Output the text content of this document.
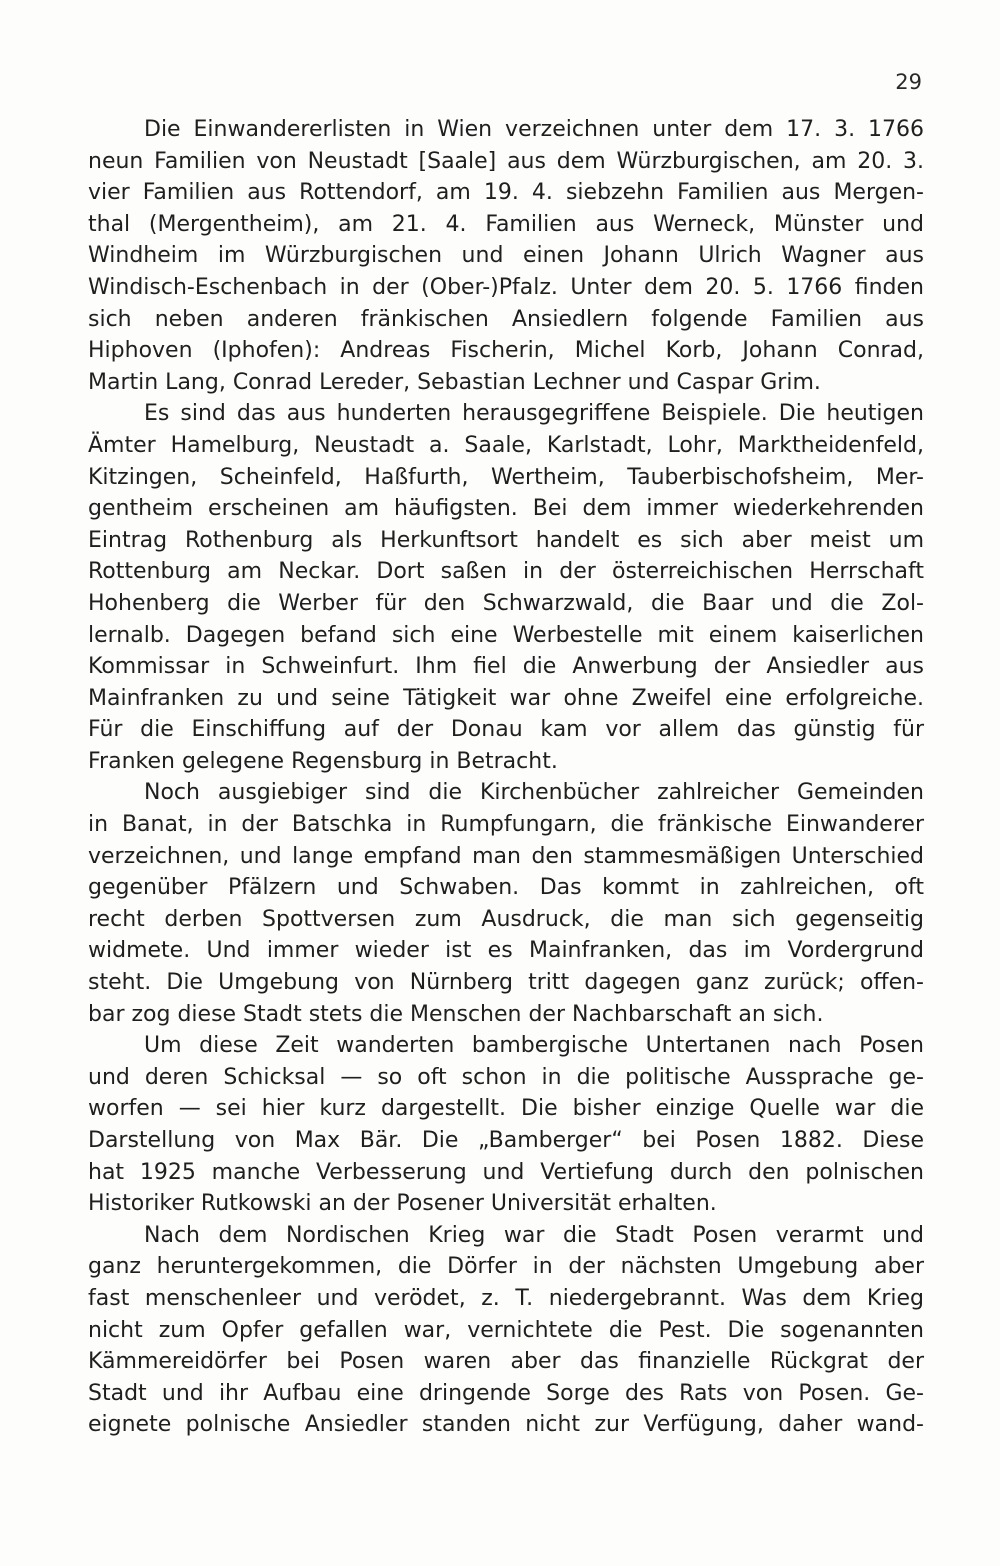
29
Die Einwandererlisten in Wien verzeichnen unter dem 17. 3. 1766
neun Familien von Neustadt [Saale] aus dem Würzburgischen, am 20. 3.
vier Familien aus Rottendorf, am 19. 4. siebzehn Familien aus Mergen-
thal (Mergentheim), am 21. 4. Familien aus Werneck, Münster und
Windheim im Würzburgischen und einen Johann Ulrich Wagner aus
Windisch-Eschenbach in der (Ober-)Pfalz. Unter dem 20. 5. 1766 finden
sich neben anderen fränkischen Ansiedlern folgende Familien aus
Hiphoven (Iphofen): Andreas Fischerin, Michel Korb, Johann Conrad,
Martin Lang, Conrad Lereder, Sebastian Lechner und Caspar Grim.
Es sind das aus hunderten herausgegriffene Beispiele. Die heutigen
Ämter Hamelburg, Neustadt a. Saale, Karlstadt, Lohr, Marktheidenfeld,
Kitzingen, Scheinfeld, Haßfurth, Wertheim, Tauberbischofsheim, Mer-
gentheim erscheinen am häufigsten. Bei dem immer wiederkehrenden
Eintrag Rothenburg als Herkunftsort handelt es sich aber meist um
Rottenburg am Neckar. Dort saßen in der österreichischen Herrschaft
Hohenberg die Werber für den Schwarzwald, die Baar und die Zol-
lernalb. Dagegen befand sich eine Werbestelle mit einem kaiserlichen
Kommissar in Schweinfurt. Ihm fiel die Anwerbung der Ansiedler aus
Mainfranken zu und seine Tätigkeit war ohne Zweifel eine erfolgreiche.
Für die Einschiffung auf der Donau kam vor allem das günstig für
Franken gelegene Regensburg in Betracht.
Noch ausgiebiger sind die Kirchenbücher zahlreicher Gemeinden
in Banat, in der Batschka in Rumpfungarn, die fränkische Einwanderer
verzeichnen, und lange empfand man den stammesmäßigen Unterschied
gegenüber Pfälzern und Schwaben. Das kommt in zahlreichen, oft
recht derben Spottversen zum Ausdruck, die man sich gegenseitig
widmete. Und immer wieder ist es Mainfranken, das im Vordergrund
steht. Die Umgebung von Nürnberg tritt dagegen ganz zurück; offen-
bar zog diese Stadt stets die Menschen der Nachbarschaft an sich.
Um diese Zeit wanderten bambergische Untertanen nach Posen
und deren Schicksal — so oft schon in die politische Aussprache ge-
worfen — sei hier kurz dargestellt. Die bisher einzige Quelle war die
Darstellung von Max Bär. Die „Bamberger“ bei Posen 1882. Diese
hat 1925 manche Verbesserung und Vertiefung durch den polnischen
Historiker Rutkowski an der Posener Universität erhalten.
Nach dem Nordischen Krieg war die Stadt Posen verarmt und
ganz heruntergekommen, die Dörfer in der nächsten Umgebung aber
fast menschenleer und verödet, z. T. niedergebrannt. Was dem Krieg
nicht zum Opfer gefallen war, vernichtete die Pest. Die sogenannten
Kämmereidörfer bei Posen waren aber das finanzielle Rückgrat der
Stadt und ihr Aufbau eine dringende Sorge des Rats von Posen. Ge-
eignete polnische Ansiedler standen nicht zur Verfügung, daher wand-
